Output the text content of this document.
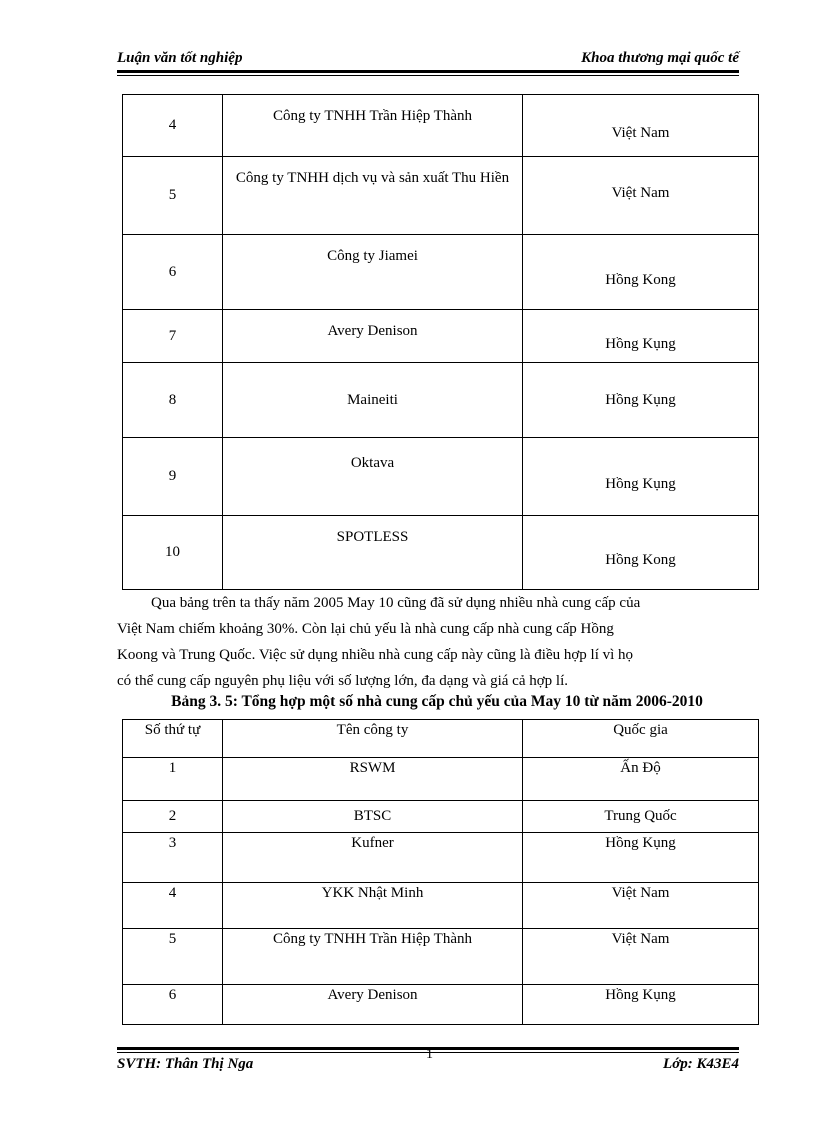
Luận văn tốt nghiệp	Khoa thương mại quốc tế
4	Công ty TNHH Trần Hiệp Thành	Việt Nam
5	Công ty TNHH dịch vụ và sản xuất Thu Hiền	Việt Nam
6	Công ty Jiamei	Hồng Kong
7	Avery Denison	Hồng Kụng
8	Maineiti	Hồng Kụng
9	Oktava	Hồng Kụng
10	SPOTLESS	Hồng Kong
Qua bảng trên ta thấy năm 2005 May 10 cũng đã sử dụng nhiều nhà cung cấp của
Việt Nam chiếm khoảng 30%. Còn lại chủ yếu là nhà cung cấp nhà cung cấp Hồng
Koong và Trung Quốc. Việc sử dụng nhiều nhà cung cấp này cũng là điều hợp lí vì họ
có thể cung cấp nguyên phụ liệu với số lượng lớn, đa dạng và giá cả hợp lí.
Bảng 3. 5: Tổng hợp một số nhà cung cấp chủ yếu của May 10 từ năm 2006-2010
Số thứ tự	Tên công ty	Quốc gia
1	RSWM	Ấn Độ
2	BTSC	Trung Quốc
3	Kufner	Hồng Kụng
4	YKK Nhật Minh	Việt Nam
5	Công ty TNHH Trần Hiệp Thành	Việt Nam
6	Avery Denison	Hồng Kụng
1
SVTH: Thân Thị Nga	Lớp: K43E4
